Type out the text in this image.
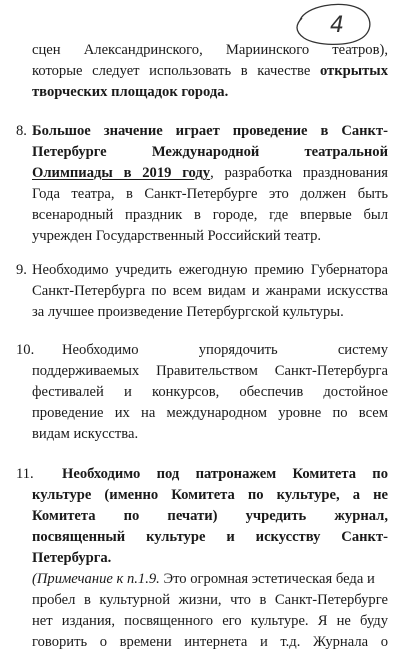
4
сцен Александринского, Мариинского театров),
которые следует использовать в качестве открытых
творческих площадок города.
8. Большое значение играет проведение в Санкт-
Петербурге Международной театральной
Олимпиады в 2019 году, разработка празднования
Года театра, в Санкт-Петербурге это должен быть
всенародный праздник в городе, где впервые был
учрежден Государственный Российский театр.
9. Необходимо учредить ежегодную премию Губернатора
Санкт-Петербурга по всем видам и жанрами искусства
за лучшее произведение Петербургской культуры.
10. Необходимо упорядочить систему
поддерживаемых Правительством Санкт-Петербурга
фестивалей и конкурсов, обеспечив достойное
проведение их на международном уровне по всем
видам искусства.
11. Необходимо под патронажем Комитета по
культуре (именно Комитета по культуре, а не
Комитета по печати) учредить журнал,
посвященный культуре и искусству Санкт-
Петербурга.
(Примечание к п.1.9. Это огромная эстетическая беда и
пробел в культурной жизни, что в Санкт-Петербурге
нет издания, посвященного его культуре. Я не буду
говорить о времени интернета и т.д. Журнала о
